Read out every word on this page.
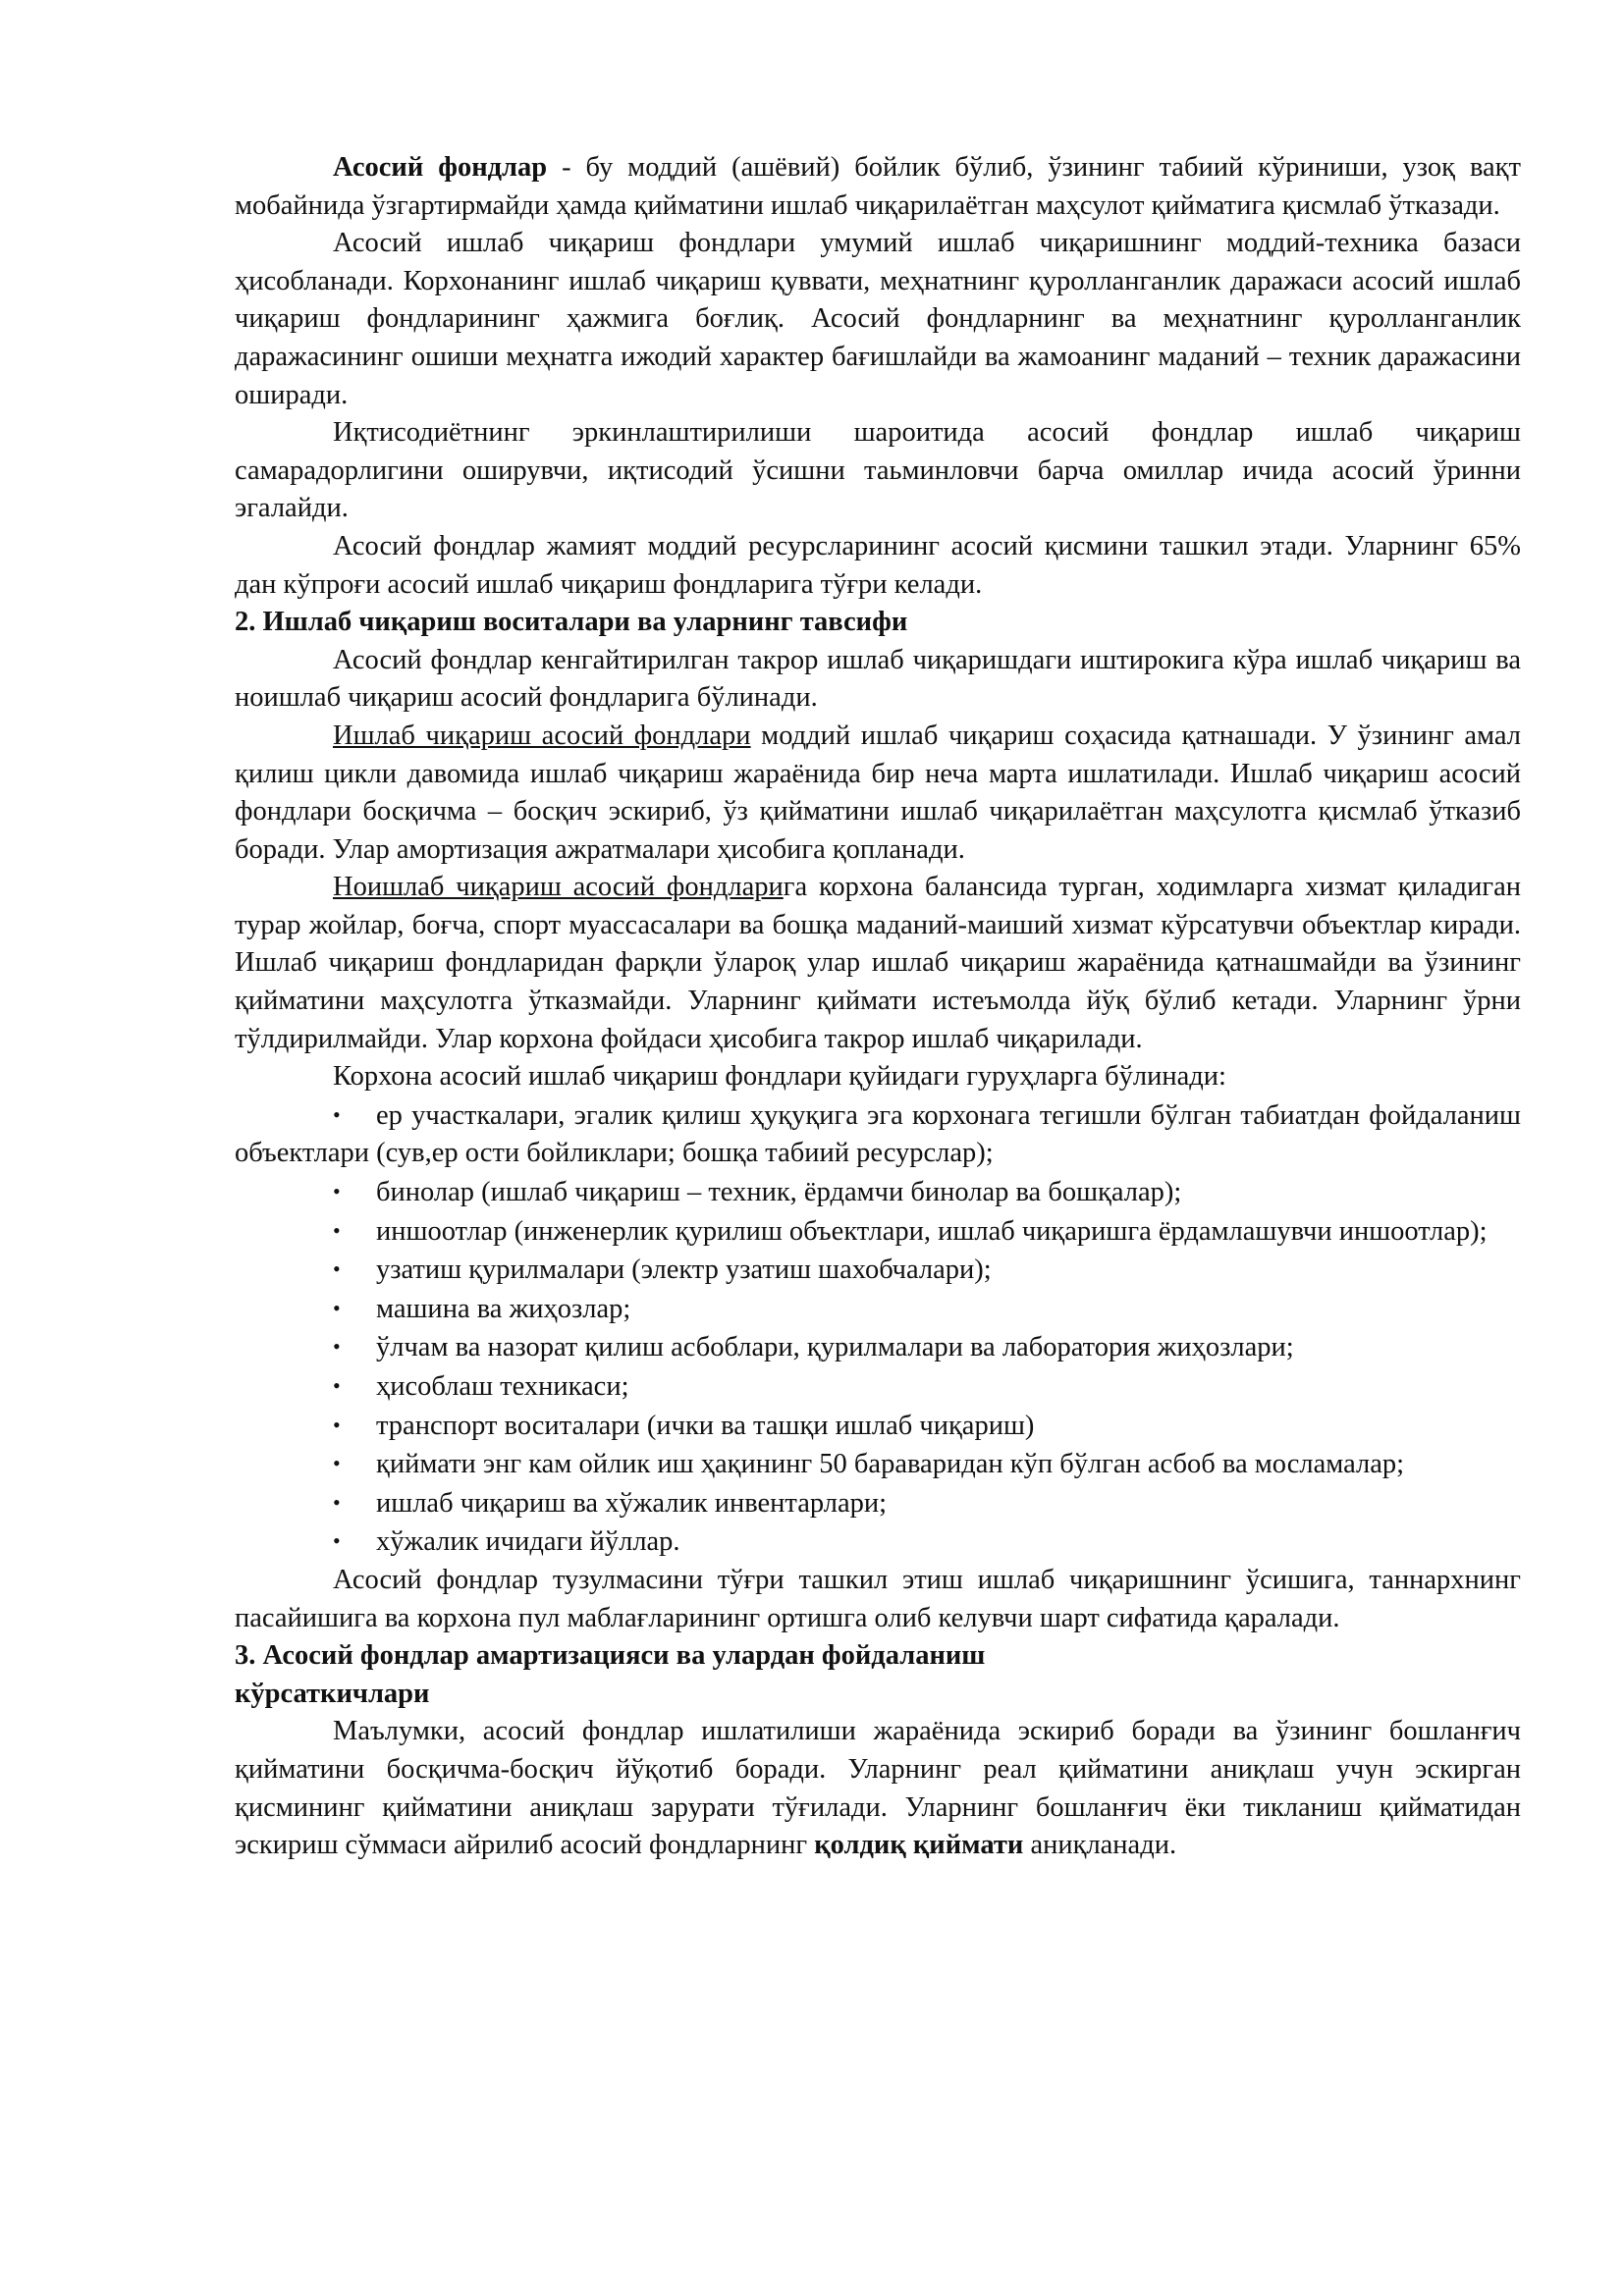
Асосий фондлар - бу моддий (ашёвий) бойлик бўлиб, ўзининг табиий кўриниши, узоқ вақт мобайнида ўзгартирмайди ҳамда қийматини ишлаб чиқарилаётган маҳсулот қийматига қисмлаб ўтказади.

Асосий ишлаб чиқариш фондлари умумий ишлаб чиқаришнинг моддий-техника базаси ҳисобланади. Корхонанинг ишлаб чиқариш қуввати, меҳнатнинг қуролланганлик даражаси асосий ишлаб чиқариш фондларининг ҳажмига боғлиқ. Асосий фондларнинг ва меҳнатнинг қуролланганлик даражасининг ошиши меҳнатга ижодий характер бағишлайди ва жамоанинг маданий – техник даражасини оширади.

Иқтисодиётнинг эркинлаштирилиши шароитида асосий фондлар ишлаб чиқариш самарадорлигини оширувчи, иқтисодий ўсишни таьминловчи барча омиллар ичида асосий ўринни эгалайди.

Асосий фондлар жамият моддий ресурсларининг асосий қисмини ташкил этади. Уларнинг 65% дан кўпроғи асосий ишлаб чиқариш фондларига тўғри келади.

2. Ишлаб чиқариш воситалари ва уларнинг тавсифи

Асосий фондлар кенгайтирилган такрор ишлаб чиқаришдаги иштирокига кўра ишлаб чиқариш ва ноишлаб чиқариш асосий фондларига бўлинади.

Ишлаб чиқариш асосий фондлари моддий ишлаб чиқариш соҳасида қатнашади. У ўзининг амал қилиш цикли давомида ишлаб чиқариш жараёнида бир неча марта ишлатилади. Ишлаб чиқариш асосий фондлари босқичма – босқич эскириб, ўз қийматини ишлаб чиқарилаётган маҳсулотга қисмлаб ўтказиб боради. Улар амортизация ажратмалари ҳисобига қопланади.

Ноишлаб чиқариш асосий фондларига корхона балансида турган, ходимларга хизмат қиладиган турар жойлар, боғча, спорт муассасалари ва бошқа маданий-маиший хизмат кўрсатувчи объектлар киради. Ишлаб чиқариш фондларидан фарқли ўлароқ улар ишлаб чиқариш жараёнида қатнашмайди ва ўзининг қийматини маҳсулотга ўтказмайди. Уларнинг қиймати истеъмолда йўқ бўлиб кетади. Уларнинг ўрни тўлдирилмайди. Улар корхона фойдаси ҳисобига такрор ишлаб чиқарилади.

Корхона асосий ишлаб чиқариш фондлари қуйидаги гуруҳларга бўлинади:

• ер участкалари, эгалик қилиш ҳуқуқига эга корхонага тегишли бўлган табиатдан фойдаланиш объектлари (сув,ер ости бойликлари; бошқа табиий ресурслар);
• бинолар (ишлаб чиқариш – техник, ёрдамчи бинолар ва бошқалар);
• иншоотлар (инженерлик қурилиш объектлари, ишлаб чиқаришга ёрдамлашувчи иншоотлар);
• узатиш қурилмалари (электр узатиш шахобчалари);
• машина ва жиҳозлар;
• ўлчам ва назорат қилиш асбоблари, қурилмалари ва лаборатория жиҳозлари;
• ҳисоблаш техникаси;
• транспорт воситалари (ички ва ташқи ишлаб чиқариш)
• қиймати энг кам ойлик иш ҳақининг 50 бараваридан кўп бўлган асбоб ва мосламалар;
• ишлаб чиқариш ва хўжалик инвентарлари;
• хўжалик ичидаги йўллар.

Асосий фондлар тузулмасини тўғри ташкил этиш ишлаб чиқаришнинг ўсишига, таннархнинг пасайишига ва корхона пул маблағларининг ортишга олиб келувчи шарт сифатида қаралади.

3. Асосий фондлар амартизацияси ва улардан фойдаланиш

кўрсаткичлари

Маълумки, асосий фондлар ишлатилиши жараёнида эскириб боради ва ўзининг бошланғич қийматини босқичма-босқич йўқотиб боради. Уларнинг реал қийматини аниқлаш учун эскирган қисмининг қийматини аниқлаш зарурати тўғилади. Уларнинг бошланғич ёки тикланиш қийматидан эскириш сўммаси айрилиб асосий фондларнинг қолдиқ қиймати аниқланади.
